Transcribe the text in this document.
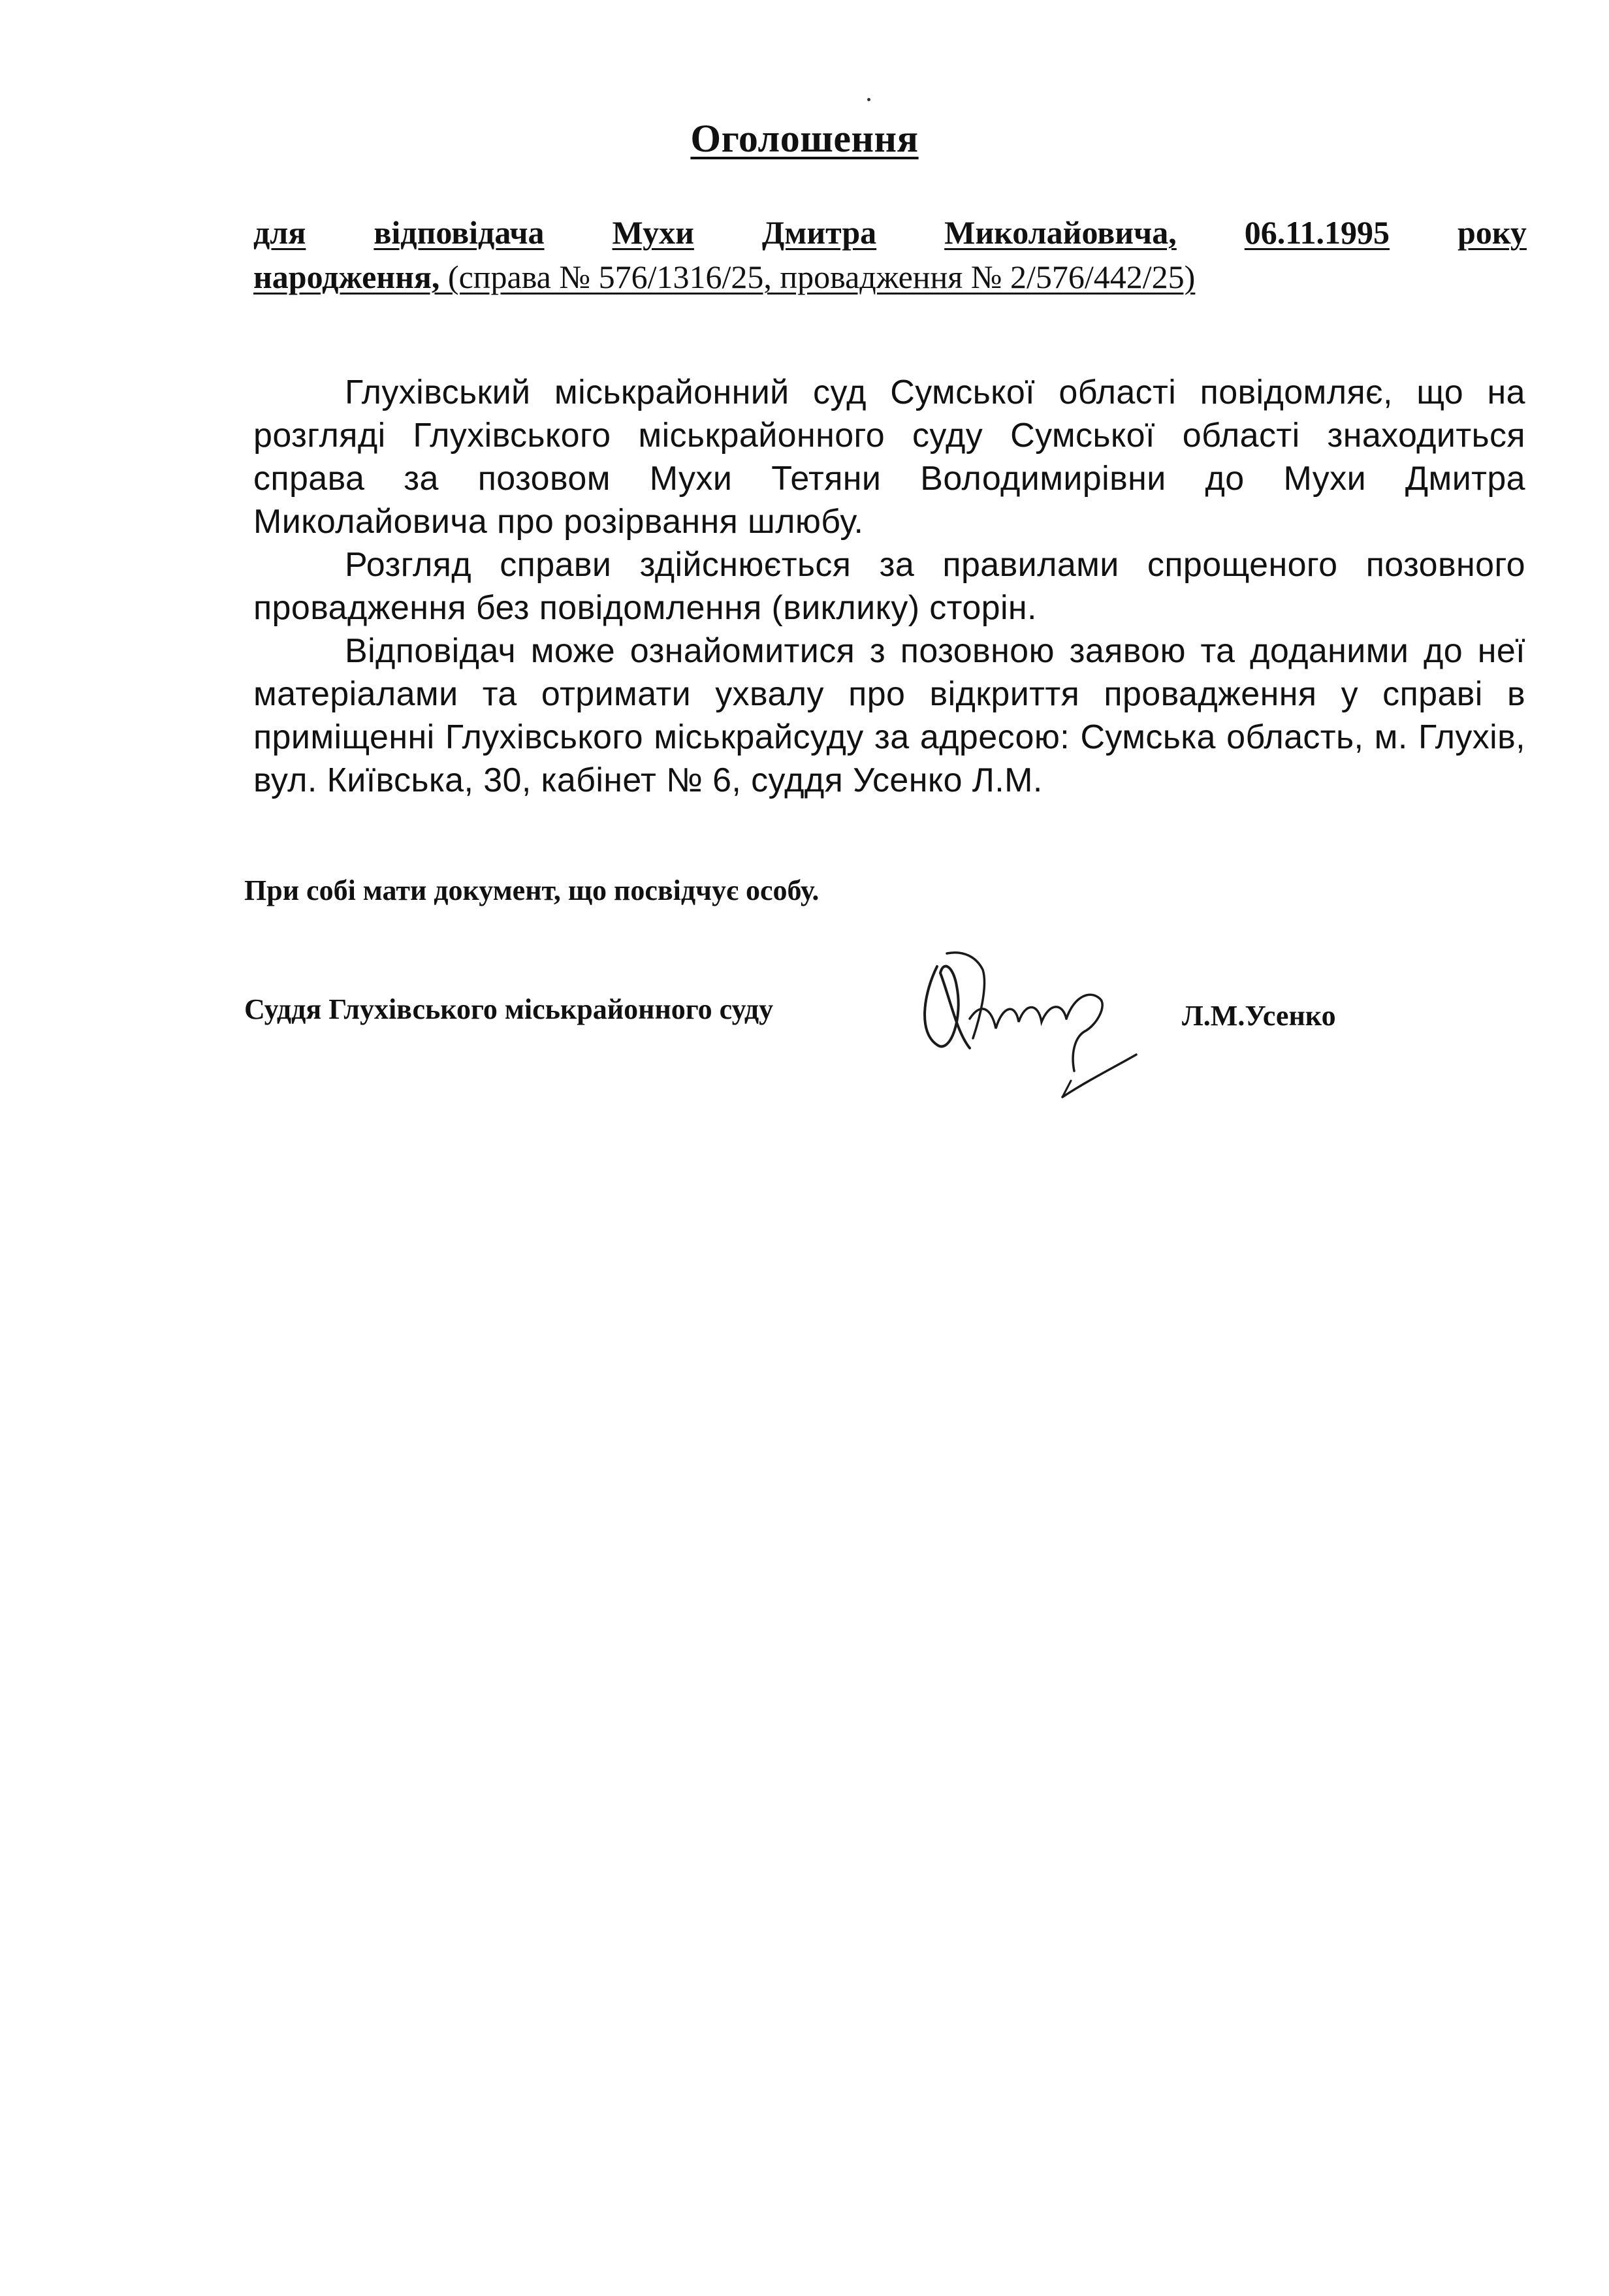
Оголошення
для відповідача Мухи Дмитра Миколайовича, 06.11.1995 року
народження, (справа № 576/1316/25, провадження № 2/576/442/25)

Глухівський міськрайонний суд Сумської області повідомляє, що на розгляді Глухівського міськрайонного суду Сумської області знаходиться справа за позовом Мухи Тетяни Володимирівни до Мухи Дмитра Миколайовича про розірвання шлюбу.

Розгляд справи здійснюється за правилами спрощеного позовного провадження без повідомлення (виклику) сторін.

Відповідач може ознайомитися з позовною заявою та доданими до неї матеріалами та отримати ухвалу про відкриття провадження у справі в приміщенні Глухівського міськрайсуду за адресою: Сумська область, м. Глухів, вул. Київська, 30, кабінет № 6, суддя Усенко Л.М.

При собі мати документ, що посвідчує особу.
Суддя Глухівського міськрайонного суду	Л.М.Усенко
